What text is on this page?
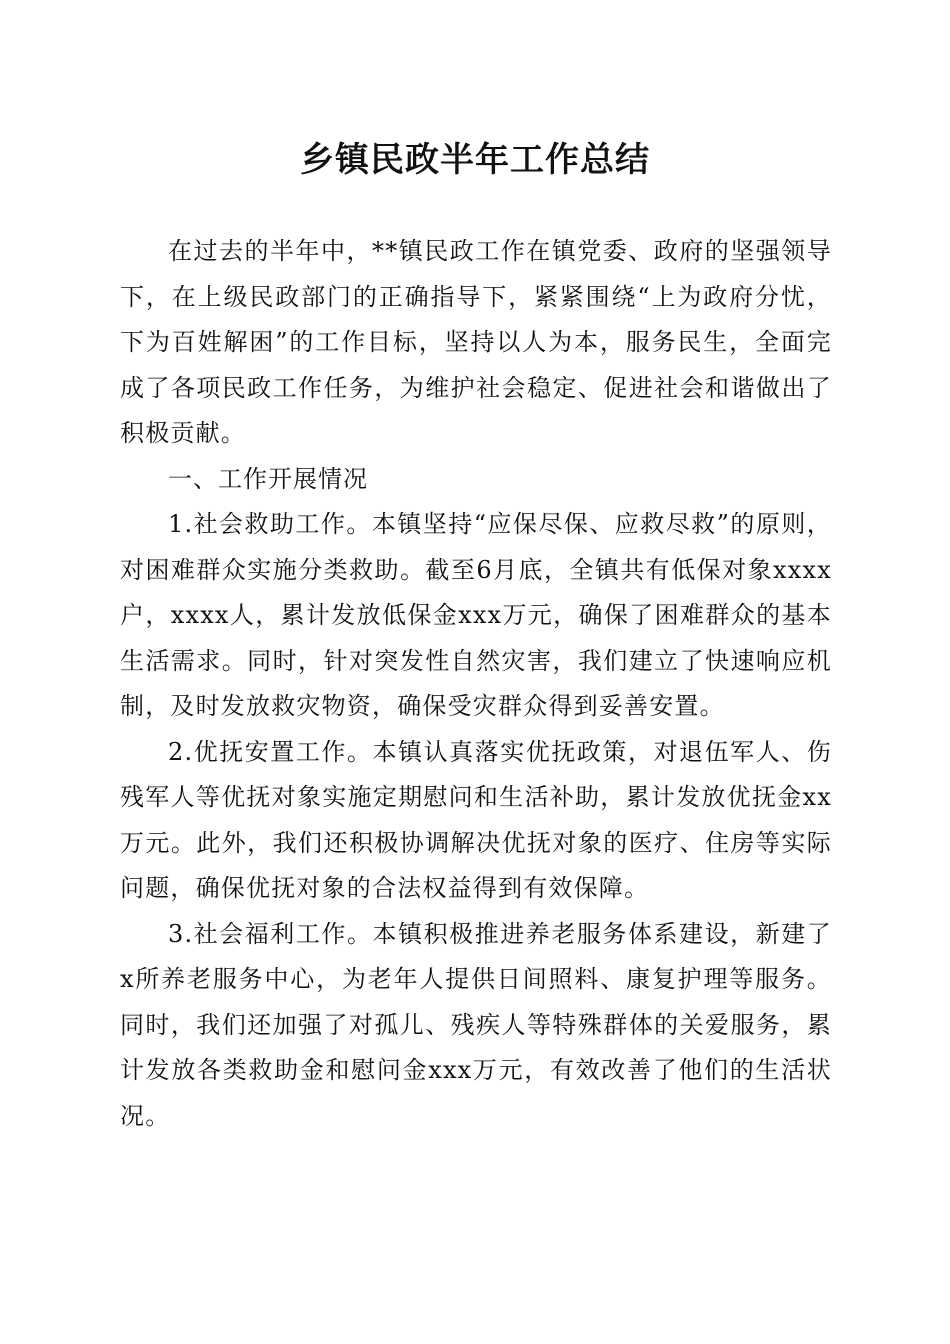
乡镇民政半年工作总结

在过去的半年中，**镇民政工作在镇党委、政府的坚强领导下，在上级民政部门的正确指导下，紧紧围绕“上为政府分忧，下为百姓解困”的工作目标，坚持以人为本，服务民生，全面完成了各项民政工作任务，为维护社会稳定、促进社会和谐做出了积极贡献。

一、工作开展情况

1.社会救助工作。本镇坚持“应保尽保、应救尽救”的原则，对困难群众实施分类救助。截至6月底，全镇共有低保对象xxxx户，xxxx人，累计发放低保金xxx万元，确保了困难群众的基本生活需求。同时，针对突发性自然灾害，我们建立了快速响应机制，及时发放救灾物资，确保受灾群众得到妥善安置。

2.优抚安置工作。本镇认真落实优抚政策，对退伍军人、伤残军人等优抚对象实施定期慰问和生活补助，累计发放优抚金xx万元。此外，我们还积极协调解决优抚对象的医疗、住房等实际问题，确保优抚对象的合法权益得到有效保障。

3.社会福利工作。本镇积极推进养老服务体系建设，新建了x所养老服务中心，为老年人提供日间照料、康复护理等服务。同时，我们还加强了对孤儿、残疾人等特殊群体的关爱服务，累计发放各类救助金和慰问金xxx万元，有效改善了他们的生活状况。
